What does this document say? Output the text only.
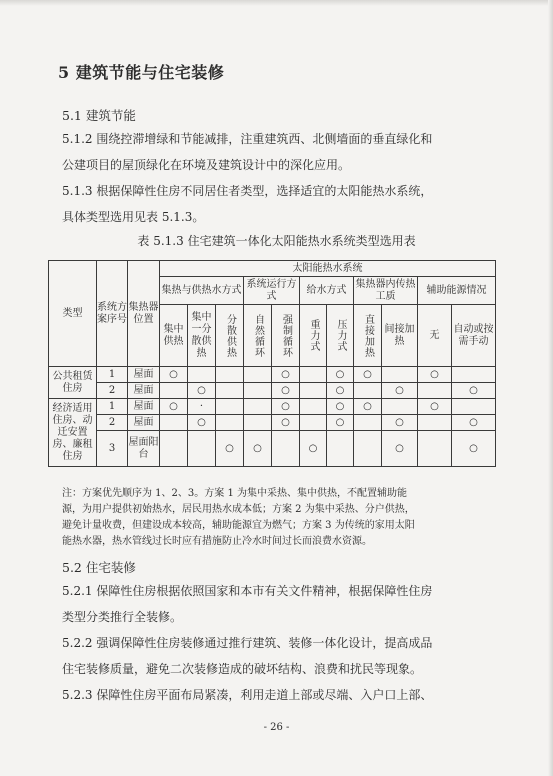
5 建筑节能与住宅装修
5.1 建筑节能
5.1.2 围绕控滞增绿和节能减排，注重建筑西、北侧墙面的垂直绿化和
公建项目的屋顶绿化在环境及建筑设计中的深化应用。
5.1.3 根据保障性住房不同居住者类型，选择适宜的太阳能热水系统，
具体类型选用见表 5.1.3。
表 5.1.3 住宅建筑一体化太阳能热水系统类型选用表
类型	系统方案序号	集热器位置	太阳能热水系统										
			集热与供热水方式			系统运行方式		给水方式		集热器内传热工质		辅助能源情况	
			集中供热	集中一分散供热	分散供热	自然循环	强制循环	重力式	压力式	直接加热	间接加热	无	自动或按需手动
公共租赁住房	1	屋面	○				○		○	○		○	
	2	屋面		○			○		○		○		○
经济适用住房、动迁安置房、廉租住房	1	屋面	○	·			○		○	○		○	
	2	屋面		○			○		○		○		○
	3	屋面阳台			○	○		○			○		○
注：方案优先顺序为 1、2、3。方案 1 为集中采热、集中供热，不配置辅助能
源，为用户提供初始热水，居民用热水成本低；方案 2 为集中采热、分户供热，
避免计量收费，但建设成本较高，辅助能源宜为燃气；方案 3 为传统的家用太阳
能热水器，热水管线过长时应有措施防止冷水时间过长而浪费水资源。
5.2 住宅装修
5.2.1 保障性住房根据依照国家和本市有关文件精神，根据保障性住房
类型分类推行全装修。
5.2.2 强调保障性住房装修通过推行建筑、装修一体化设计，提高成品
住宅装修质量，避免二次装修造成的破坏结构、浪费和扰民等现象。
5.2.3 保障性住房平面布局紧凑，利用走道上部或尽端、入户口上部、
- 26 -
